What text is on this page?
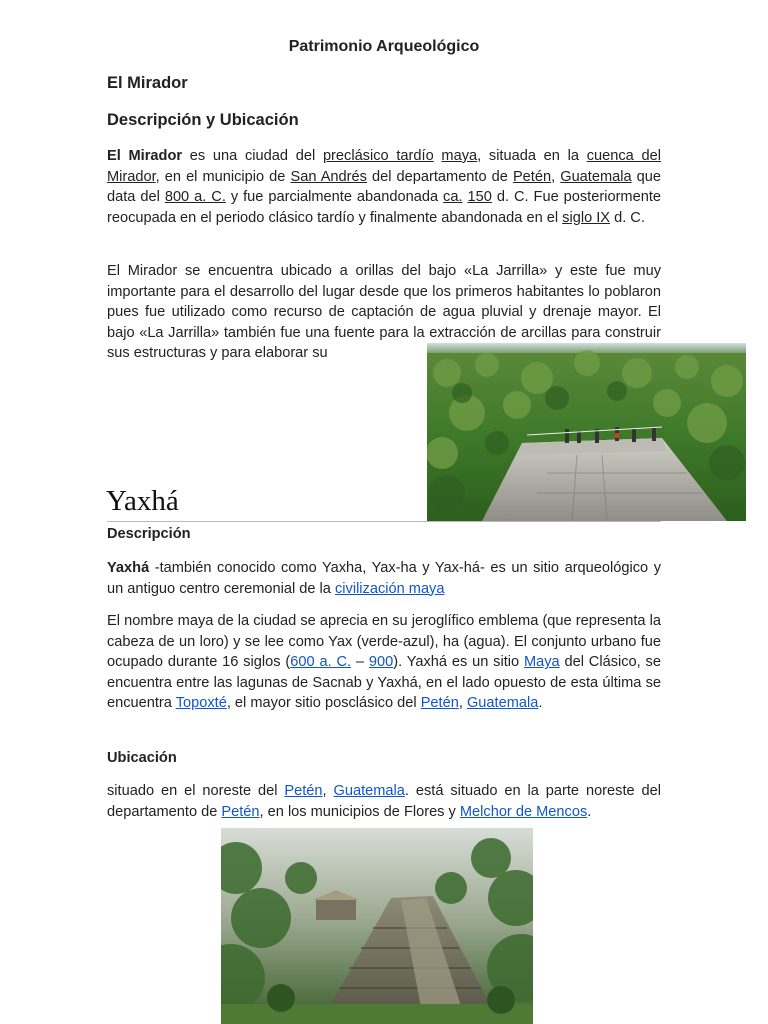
Patrimonio Arqueológico
El Mirador
Descripción y Ubicación

El Mirador es una ciudad del preclásico tardío maya, situada en la cuenca del Mirador, en el municipio de San Andrés del departamento de Petén, Guatemala que data del 800 a. C. y fue parcialmente abandonada ca. 150 d. C. Fue posteriormente reocupada en el periodo clásico tardío y finalmente abandonada en el siglo IX d. C.

El Mirador se encuentra ubicado a orillas del bajo «La Jarrilla» y este fue muy importante para el desarrollo del lugar desde que los primeros habitantes lo poblaron pues fue utilizado como recurso de captación de agua pluvial y drenaje mayor. El bajo «La Jarrilla» también fue una fuente para la extracción de arcillas para construir sus estructuras y para elaborar su

Yaxhá
Descripción

Yaxhá -también conocido como Yaxha, Yax-ha y Yax-há- es un sitio arqueológico y un antiguo centro ceremonial de la civilización maya

El nombre maya de la ciudad se aprecia en su jeroglífico emblema (que representa la cabeza de un loro) y se lee como Yax (verde-azul), ha (agua). El conjunto urbano fue ocupado durante 16 siglos (600 a. C. – 900). Yaxhá es un sitio Maya del Clásico, se encuentra entre las lagunas de Sacnab y Yaxhá, en el lado opuesto de esta última se encuentra Topoxté, el mayor sitio posclásico del Petén, Guatemala.

Ubicación

situado en el noreste del Petén, Guatemala. está situado en la parte noreste del departamento de Petén, en los municipios de Flores y Melchor de Mencos.
